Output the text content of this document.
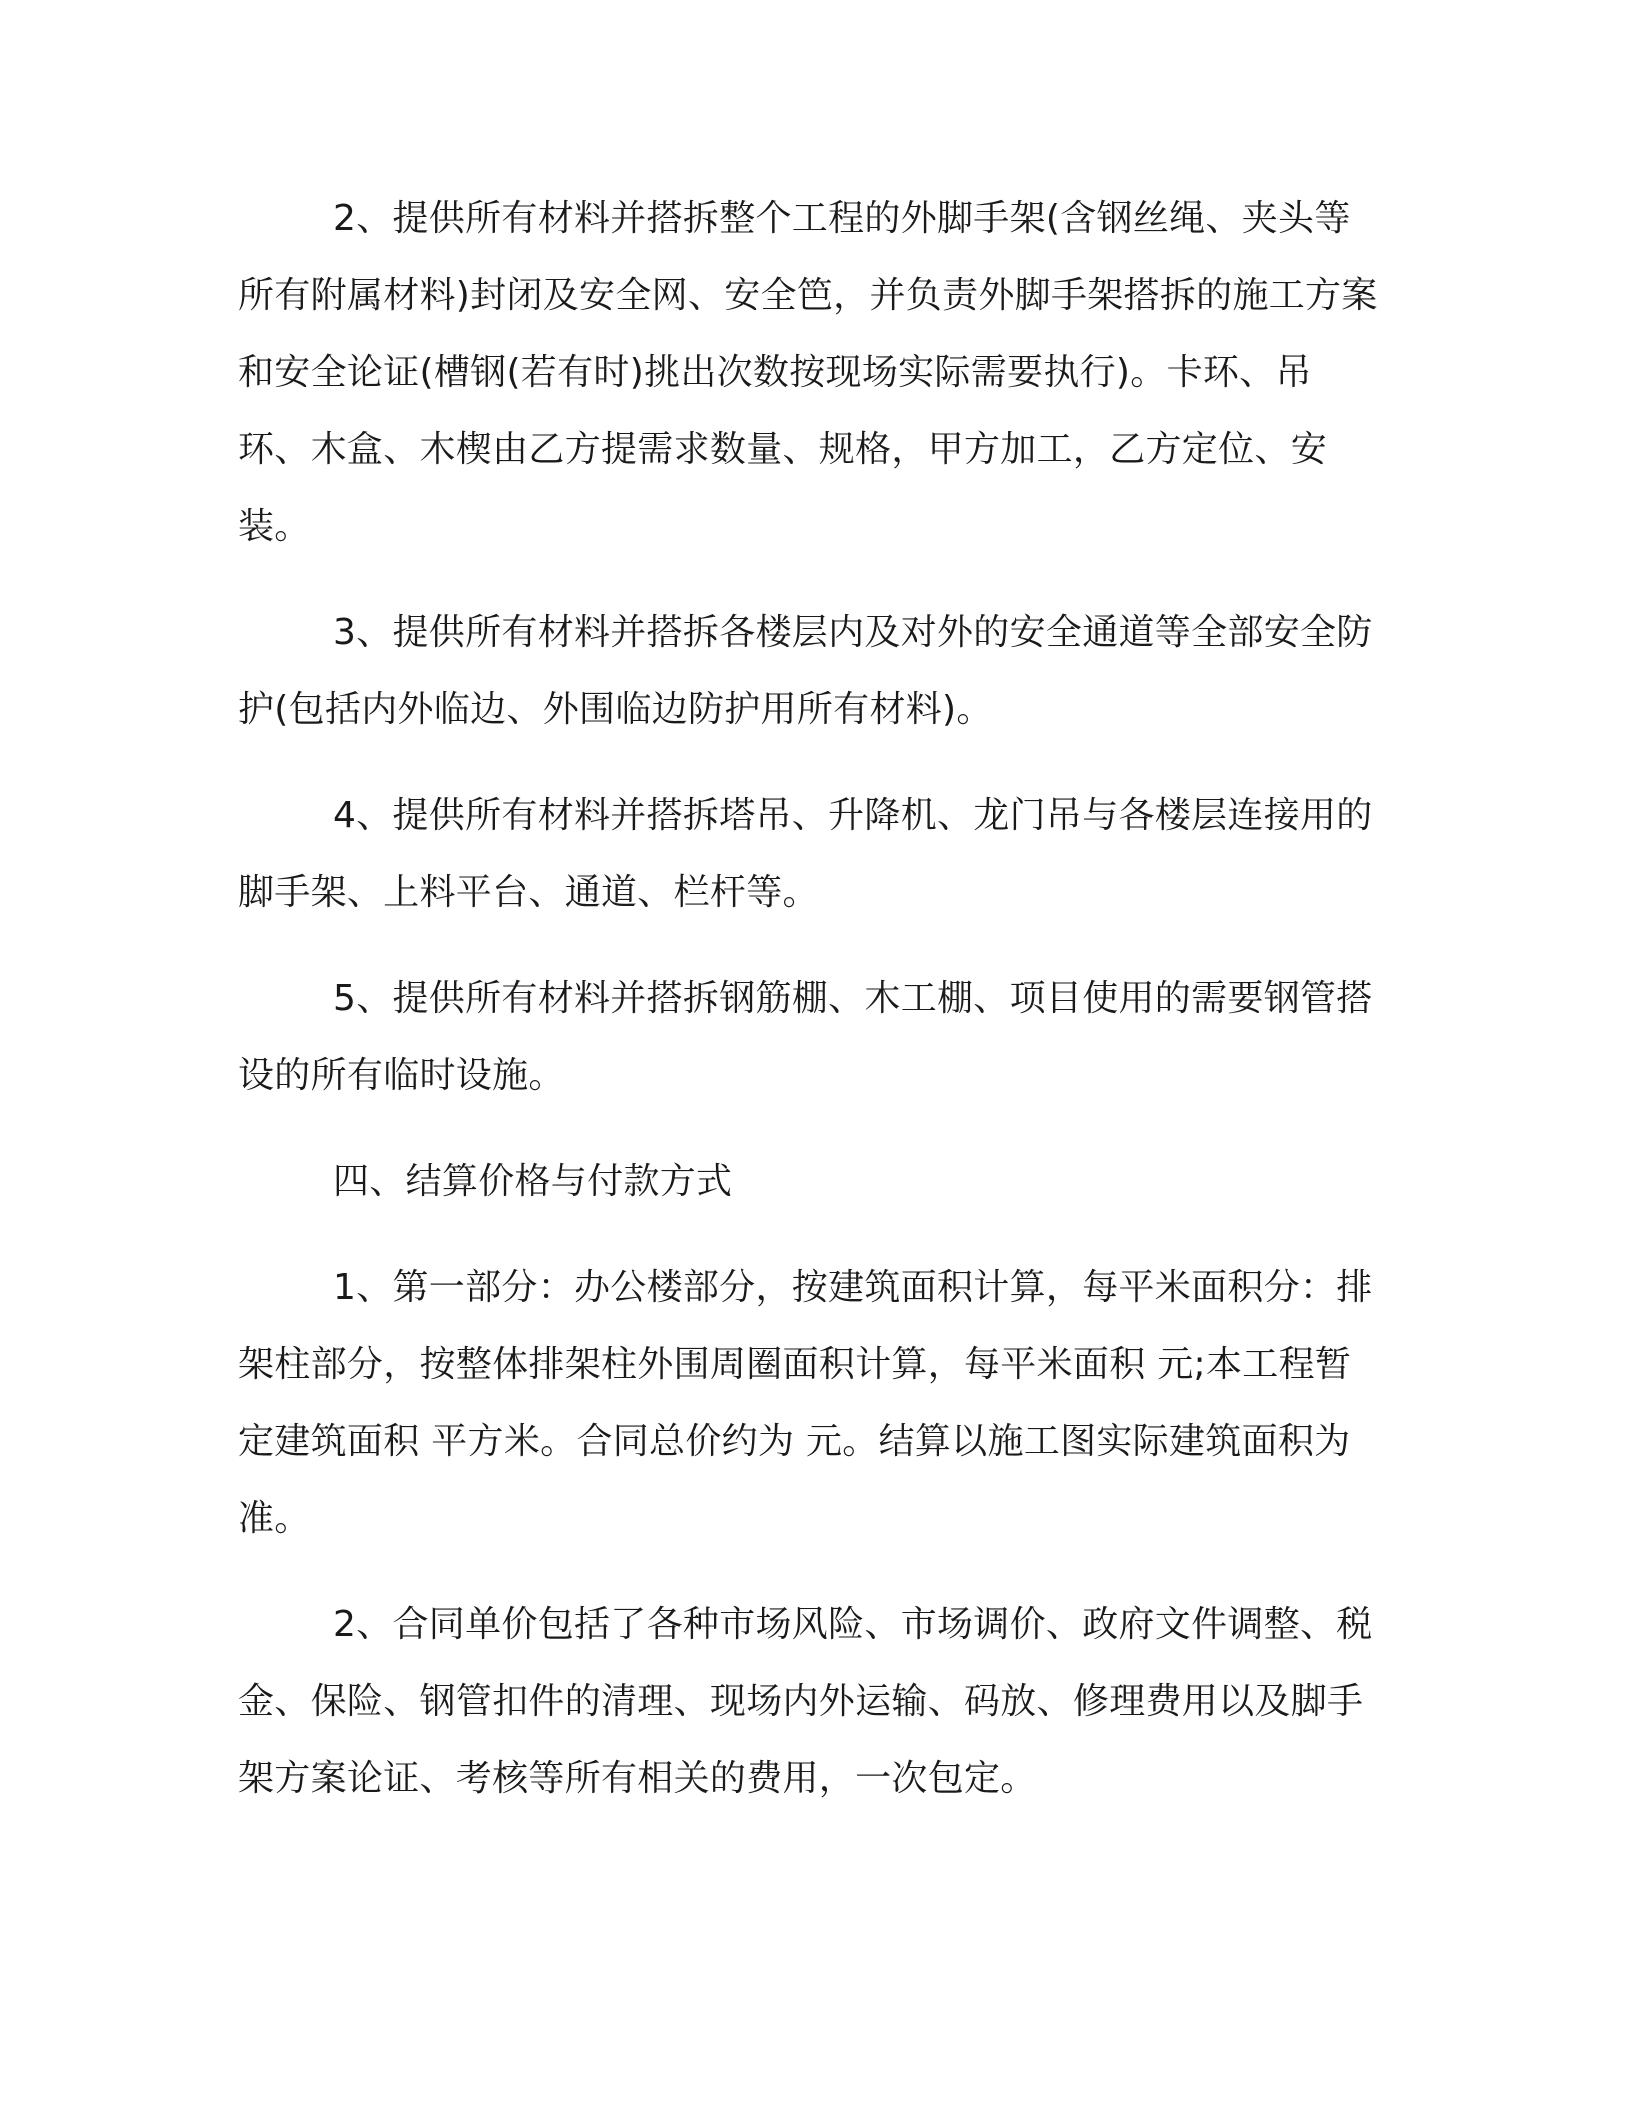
2、提供所有材料并搭拆整个工程的外脚手架(含钢丝绳、夹头等所有附属材料)封闭及安全网、安全笆，并负责外脚手架搭拆的施工方案和安全论证(槽钢(若有时)挑出次数按现场实际需要执行)。卡环、吊环、木盒、木楔由乙方提需求数量、规格，甲方加工，乙方定位、安装。

3、提供所有材料并搭拆各楼层内及对外的安全通道等全部安全防护(包括内外临边、外围临边防护用所有材料)。

4、提供所有材料并搭拆塔吊、升降机、龙门吊与各楼层连接用的脚手架、上料平台、通道、栏杆等。

5、提供所有材料并搭拆钢筋棚、木工棚、项目使用的需要钢管搭设的所有临时设施。

四、结算价格与付款方式

1、第一部分：办公楼部分，按建筑面积计算，每平米面积分：排架柱部分，按整体排架柱外围周圈面积计算，每平米面积 元;本工程暂定建筑面积 平方米。合同总价约为 元。结算以施工图实际建筑面积为准。

2、合同单价包括了各种市场风险、市场调价、政府文件调整、税金、保险、钢管扣件的清理、现场内外运输、码放、修理费用以及脚手架方案论证、考核等所有相关的费用，一次包定。
